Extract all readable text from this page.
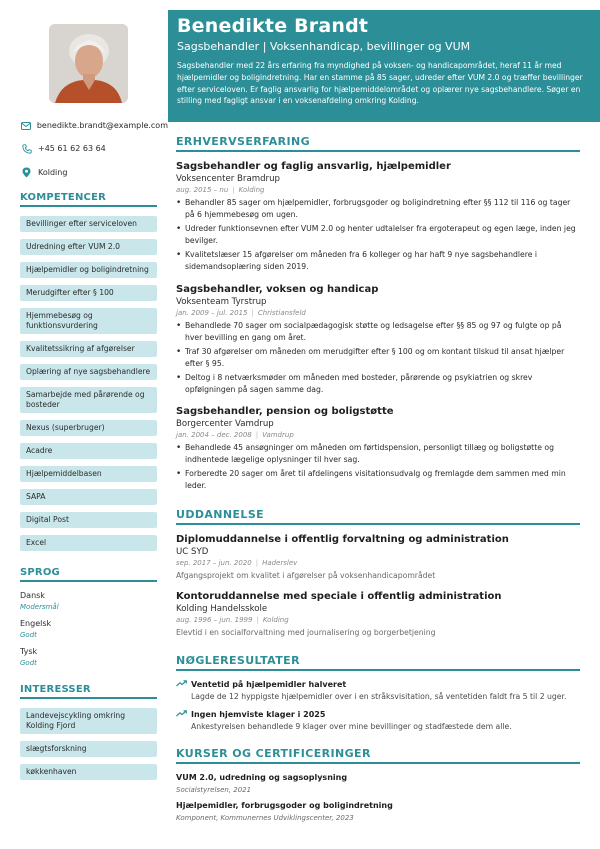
benedikte.brandt@example.com
+45 61 62 63 64
Kolding
KOMPETENCER
Bevillinger efter serviceloven
Udredning efter VUM 2.0
Hjælpemidler og boligindretning
Merudgifter efter § 100
Hjemmebesøg og funktionsvurdering
Kvalitetssikring af afgørelser
Oplæring af nye sagsbehandlere
Samarbejde med pårørende og bosteder
Nexus (superbruger)
Acadre
Hjælpemiddelbasen
SAPA
Digital Post
Excel
SPROG
Dansk
Modersmål
Engelsk
Godt
Tysk
Godt
INTERESSER
Landevejscykling omkring Kolding Fjord
slægtsforskning
køkkenhaven
Benedikte Brandt
Sagsbehandler | Voksenhandicap, bevillinger og VUM
Sagsbehandler med 22 års erfaring fra myndighed på voksen- og handicapområdet, heraf 11 år med hjælpemidler og boligindretning. Har en stamme på 85 sager, udreder efter VUM 2.0 og træffer bevillinger efter serviceloven. Er faglig ansvarlig for hjælpemiddelområdet og oplærer nye sagsbehandlere. Søger en stilling med fagligt ansvar i en voksenafdeling omkring Kolding.
ERHVERVSERFARING
Sagsbehandler og faglig ansvarlig, hjælpemidler
Voksencenter Bramdrup
aug. 2015 – nu | Kolding
• Behandler 85 sager om hjælpemidler, forbrugsgoder og boligindretning efter §§ 112 til 116 og tager på 6 hjemmebesøg om ugen.
• Udreder funktionsevnen efter VUM 2.0 og henter udtalelser fra ergoterapeut og egen læge, inden jeg bevilger.
• Kvalitetslæser 15 afgørelser om måneden fra 6 kolleger og har haft 9 nye sagsbehandlere i sidemandsoplæring siden 2019.
Sagsbehandler, voksen og handicap
Voksenteam Tyrstrup
jan. 2009 – jul. 2015 | Christiansfeld
• Behandlede 70 sager om socialpædagogisk støtte og ledsagelse efter §§ 85 og 97 og fulgte op på hver bevilling en gang om året.
• Traf 30 afgørelser om måneden om merudgifter efter § 100 og om kontant tilskud til ansat hjælper efter § 95.
• Deltog i 8 netværksmøder om måneden med bosteder, pårørende og psykiatrien og skrev opfølgningen på sagen samme dag.
Sagsbehandler, pension og boligstøtte
Borgercenter Vamdrup
jan. 2004 – dec. 2008 | Vamdrup
• Behandlede 45 ansøgninger om måneden om førtidspension, personligt tillæg og boligstøtte og indhentede lægelige oplysninger til hver sag.
• Forberedte 20 sager om året til afdelingens visitationsudvalg og fremlagde dem sammen med min leder.
UDDANNELSE
Diplomuddannelse i offentlig forvaltning og administration
UC SYD
sep. 2017 – jun. 2020 | Haderslev
Afgangsprojekt om kvalitet i afgørelser på voksenhandicapområdet
Kontoruddannelse med speciale i offentlig administration
Kolding Handelsskole
aug. 1996 – jun. 1999 | Kolding
Elevtid i en socialforvaltning med journalisering og borgerbetjening
NØGLERESULTATER
Ventetid på hjælpemidler halveret
Lagde de 12 hyppigste hjælpemidler over i en stråksvisitation, så ventetiden faldt fra 5 til 2 uger.
Ingen hjemviste klager i 2025
Ankestyrelsen behandlede 9 klager over mine bevillinger og stadfæstede dem alle.
KURSER OG CERTIFICERINGER
VUM 2.0, udredning og sagsoplysning
Socialstyrelsen, 2021
Hjælpemidler, forbrugsgoder og boligindretning
Komponent, Kommunernes Udviklingscenter, 2023
